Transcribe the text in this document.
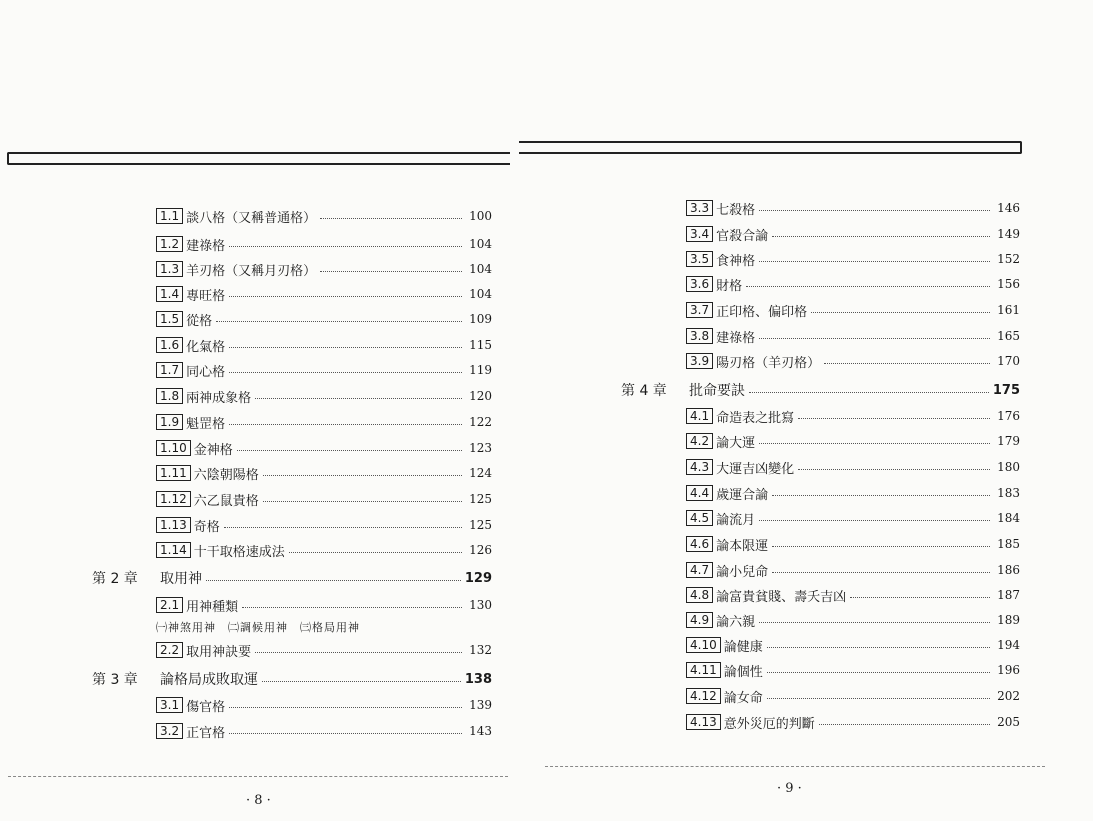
1.1 談八格（又稱普通格）	100
1.2 建祿格	104
1.3 羊刃格（又稱月刃格）	104
1.4 專旺格	104
1.5 從格	109
1.6 化氣格	115
1.7 同心格	119
1.8 兩神成象格	120
1.9 魁罡格	122
1.10 金神格	123
1.11 六陰朝陽格	124
1.12 六乙鼠貴格	125
1.13 奇格	125
1.14 十干取格速成法	126
第 2 章	取用神	129
2.1 用神種類	130
㈠神煞用神　㈡調候用神　㈢格局用神
2.2 取用神訣要	132
第 3 章	論格局成敗取運	138
3.1 傷官格	139
3.2 正官格	143
· 8 ·
3.3 七殺格	146
3.4 官殺合論	149
3.5 食神格	152
3.6 財格	156
3.7 正印格、偏印格	161
3.8 建祿格	165
3.9 陽刃格（羊刃格）	170
第 4 章	批命要訣	175
4.1 命造表之批寫	176
4.2 論大運	179
4.3 大運吉凶變化	180
4.4 歲運合論	183
4.5 論流月	184
4.6 論本限運	185
4.7 論小兒命	186
4.8 論富貴貧賤、壽夭吉凶	187
4.9 論六親	189
4.10 論健康	194
4.11 論個性	196
4.12 論女命	202
4.13 意外災厄的判斷	205
· 9 ·
